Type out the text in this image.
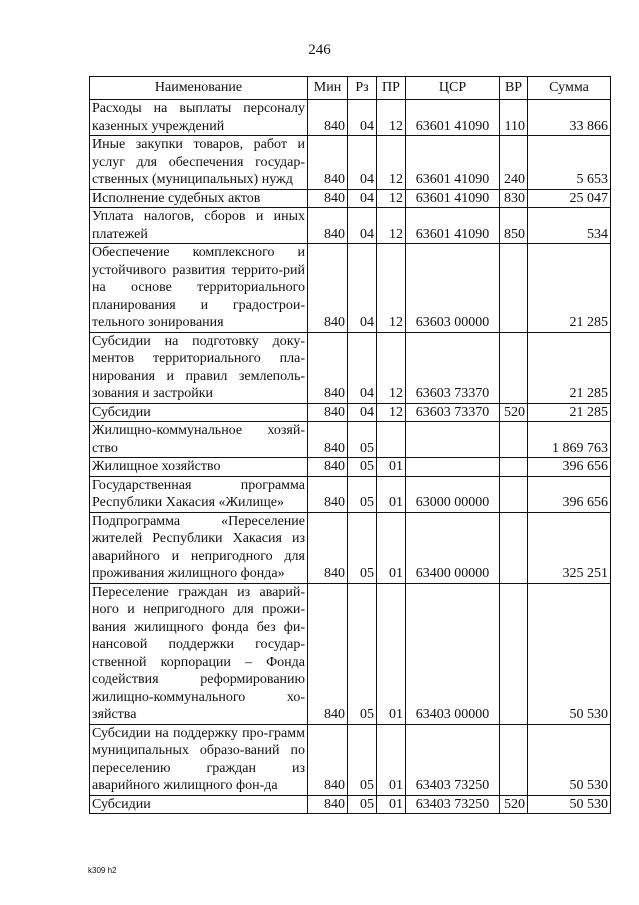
246
Наименование	Мин	Рз	ПР	ЦСР	ВР	Сумма
Расходы на выплаты персоналу казенных учреждений	840	04	12	63601 41090	110	33 866
Иные закупки товаров, работ и услуг для обеспечения государ-ственных (муниципальных) нужд	840	04	12	63601 41090	240	5 653
Исполнение судебных актов	840	04	12	63601 41090	830	25 047
Уплата налогов, сборов и иных платежей	840	04	12	63601 41090	850	534
Обеспечение комплексного и устойчивого развития террито-рий на основе территориального планирования и градострои-тельного зонирования	840	04	12	63603 00000		21 285
Субсидии на подготовку доку-ментов территориального пла-нирования и правил землеполь-зования и застройки	840	04	12	63603 73370		21 285
Субсидии	840	04	12	63603 73370	520	21 285
Жилищно-коммунальное хозяй-ство	840	05				1 869 763
Жилищное хозяйство	840	05	01			396 656
Государственная программа Республики Хакасия «Жилище»	840	05	01	63000 00000		396 656
Подпрограмма «Переселение жителей Республики Хакасия из аварийного и непригодного для проживания жилищного фонда»	840	05	01	63400 00000		325 251
Переселение граждан из аварий-ного и непригодного для прожи-вания жилищного фонда без фи-нансовой поддержки государ-ственной корпорации – Фонда содействия реформированию жилищно-коммунального хо-зяйства	840	05	01	63403 00000		50 530
Субсидии на поддержку про-грамм муниципальных образо-ваний по переселению граждан из аварийного жилищного фон-да	840	05	01	63403 73250		50 530
Субсидии	840	05	01	63403 73250	520	50 530
k309 h2
